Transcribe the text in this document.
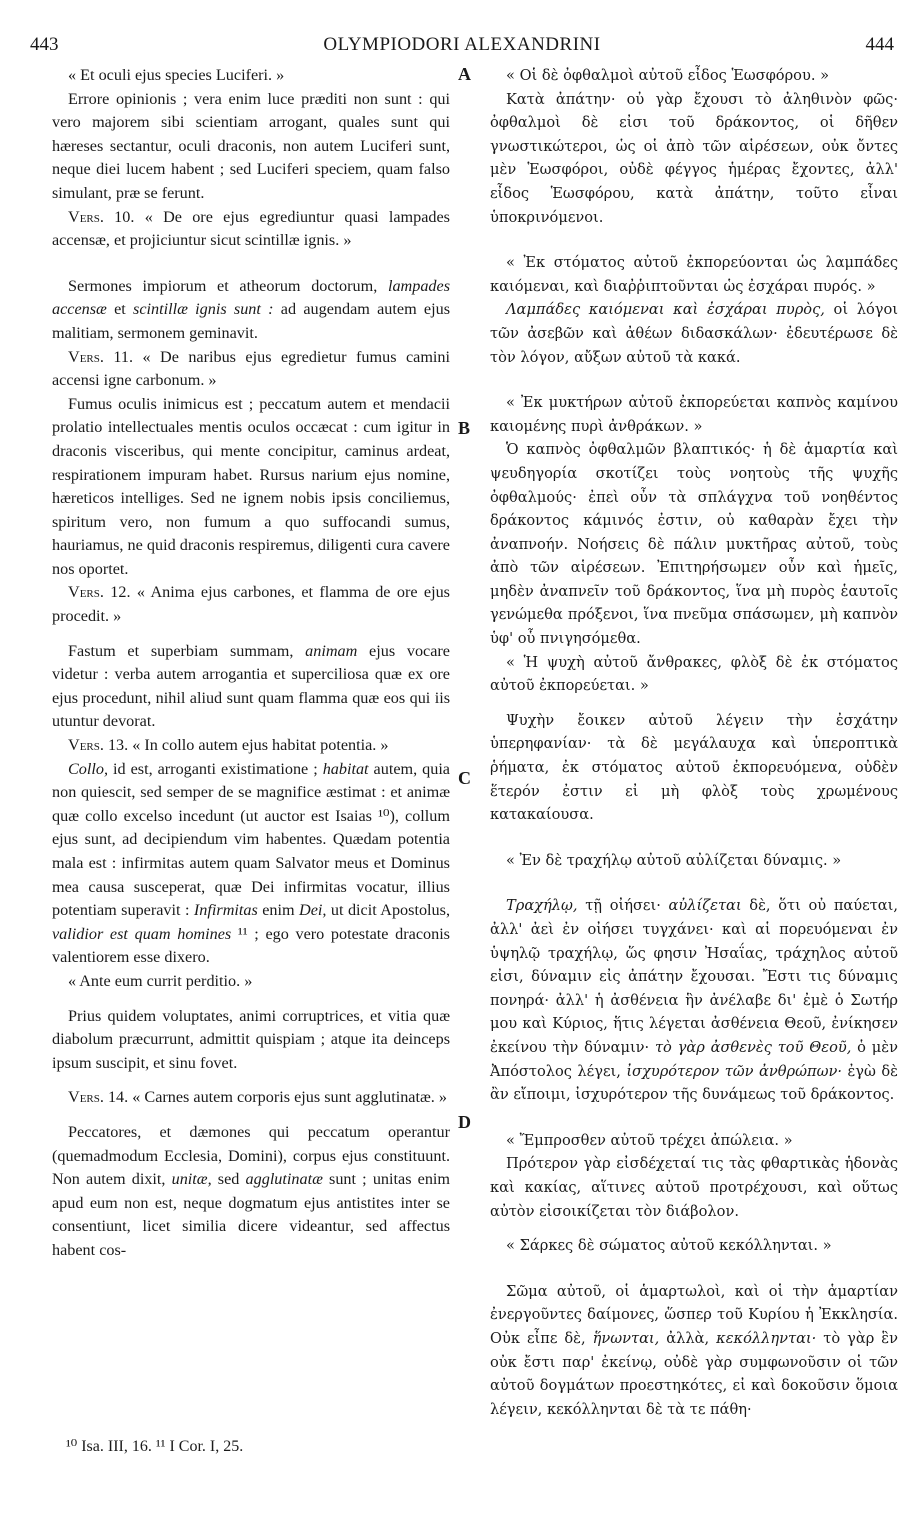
443	OLYMPIODORI ALEXANDRINI	444

« Et oculi ejus species Luciferi. »

Errore opinionis ; vera enim luce præditi non sunt : qui vero majorem sibi scientiam arrogant, quales sunt qui hæreses sectantur, oculi draconis, non autem Luciferi sunt, neque diei lucem habent ; sed Luciferi speciem, quam falso simulant, præ se ferunt.

Vers. 10. « De ore ejus egrediuntur quasi lampades accensæ, et projiciuntur sicut scintillæ ignis. »

Sermones impiorum et atheorum doctorum, lampades accensæ et scintillæ ignis sunt : ad augendam autem ejus malitiam, sermonem geminavit.

Vers. 11. « De naribus ejus egredietur fumus camini accensi igne carbonum. »

Fumus oculis inimicus est ; peccatum autem et mendacii prolatio intellectuales mentis oculos occæcat : cum igitur in draconis visceribus, qui mente concipitur, caminus ardeat, respirationem impuram habet. Rursus narium ejus nomine, hæreticos intelliges. Sed ne ignem nobis ipsis conciliemus, spiritum vero, non fumum a quo suffocandi sumus, hauriamus, ne quid draconis respiremus, diligenti cura cavere nos oportet.

Vers. 12. « Anima ejus carbones, et flamma de ore ejus procedit. »

Fastum et superbiam summam, animam ejus vocare videtur : verba autem arrogantia et superciliosa quæ ex ore ejus procedunt, nihil aliud sunt quam flamma quæ eos qui iis utuntur devorat.

Vers. 13. « In collo autem ejus habitat potentia. »

Collo, id est, arroganti existimatione ; habitat autem, quia non quiescit, sed semper de se magnifice æstimat : et animæ quæ collo excelso incedunt (ut auctor est Isaias ¹⁰), collum ejus sunt, ad decipiendum vim habentes. Quædam potentia mala est : infirmitas autem quam Salvator meus et Dominus mea causa susceperat, quæ Dei infirmitas vocatur, illius potentiam superavit : Infirmitas enim Dei, ut dicit Apostolus, validior est quam homines ¹¹ ; ego vero potestate draconis valentiorem esse dixero.

« Ante eum currit perditio. »

Prius quidem voluptates, animi corruptrices, et vitia quæ diabolum præcurrunt, admittit quispiam ; atque ita deinceps ipsum suscipit, et sinu fovet.

Vers. 14. « Carnes autem corporis ejus sunt agglutinatæ. »

Peccatores, et dæmones qui peccatum operantur (quemadmodum Ecclesia, Domini), corpus ejus constituunt. Non autem dixit, unitæ, sed agglutinatæ sunt ; unitas enim apud eum non est, neque dogmatum ejus antistites inter se consentiunt, licet similia dicere videantur, sed affectus habent cos-

A
B
C
D

« Οἱ δὲ ὀφθαλμοὶ αὐτοῦ εἶδος Ἑωσφόρου. »

Κατὰ ἀπάτην· οὐ γὰρ ἔχουσι τὸ ἀληθινὸν φῶς· ὀφθαλμοὶ δὲ εἰσι τοῦ δράκοντος, οἱ δῆθεν γνωστικώτεροι, ὡς οἱ ἀπὸ τῶν αἱρέσεων, οὐκ ὄντες μὲν Ἑωσφόροι, οὐδὲ φέγγος ἡμέρας ἔχοντες, ἀλλ' εἶδος Ἑωσφόρου, κατὰ ἀπάτην, τοῦτο εἶναι ὑποκρινόμενοι.

« Ἐκ στόματος αὐτοῦ ἐκπορεύονται ὡς λαμπάδες καιόμεναι, καὶ διαῤῥιπτοῦνται ὡς ἐσχάραι πυρός. »

Λαμπάδες καιόμεναι καὶ ἐσχάραι πυρὸς, οἱ λόγοι τῶν ἀσεβῶν καὶ ἀθέων διδασκάλων· ἐδευτέρωσε δὲ τὸν λόγον, αὔξων αὐτοῦ τὰ κακά.

« Ἐκ μυκτήρων αὐτοῦ ἐκπορεύεται καπνὸς καμίνου καιομένης πυρὶ ἀνθράκων. »

Ὁ καπνὸς ὀφθαλμῶν βλαπτικός· ἡ δὲ ἁμαρτία καὶ ψευδηγορία σκοτίζει τοὺς νοητοὺς τῆς ψυχῆς ὀφθαλμούς· ἐπεὶ οὖν τὰ σπλάγχνα τοῦ νοηθέντος δράκοντος κάμινός ἐστιν, οὐ καθαρὰν ἔχει τὴν ἀναπνοήν. Νοήσεις δὲ πάλιν μυκτῆρας αὐτοῦ, τοὺς ἀπὸ τῶν αἱρέσεων. Ἐπιτηρήσωμεν οὖν καὶ ἡμεῖς, μηδὲν ἀναπνεῖν τοῦ δράκοντος, ἵνα μὴ πυρὸς ἑαυτοῖς γενώμεθα πρόξενοι, ἵνα πνεῦμα σπάσωμεν, μὴ καπνὸν ὑφ' οὗ πνιγησόμεθα.

« Ἡ ψυχὴ αὐτοῦ ἄνθρακες, φλὸξ δὲ ἐκ στόματος αὐτοῦ ἐκπορεύεται. »

Ψυχὴν ἔοικεν αὐτοῦ λέγειν τὴν ἐσχάτην ὑπερηφανίαν· τὰ δὲ μεγάλαυχα καὶ ὑπεροπτικὰ ῥήματα, ἐκ στόματος αὐτοῦ ἐκπορευόμενα, οὐδὲν ἕτερόν ἐστιν εἰ μὴ φλὸξ τοὺς χρωμένους κατακαίουσα.

« Ἐν δὲ τραχήλῳ αὐτοῦ αὐλίζεται δύναμις. »

Τραχήλῳ, τῇ οἰήσει· αὐλίζεται δὲ, ὅτι οὐ παύεται, ἀλλ' ἀεὶ ἐν οἰήσει τυγχάνει· καὶ αἱ πορευόμεναι ἐν ὑψηλῷ τραχήλῳ, ὥς φησιν Ἠσαΐας, τράχηλος αὐτοῦ εἰσι, δύναμιν εἰς ἀπάτην ἔχουσαι. Ἔστι τις δύναμις πονηρά· ἀλλ' ἡ ἀσθένεια ἣν ἀνέλαβε δι' ἐμὲ ὁ Σωτήρ μου καὶ Κύριος, ἥτις λέγεται ἀσθένεια Θεοῦ, ἐνίκησεν ἐκείνου τὴν δύναμιν· τὸ γὰρ ἀσθενὲς τοῦ Θεοῦ, ὁ μὲν Ἀπόστολος λέγει, ἰσχυρότερον τῶν ἀνθρώπων· ἐγὼ δὲ ἂν εἴποιμι, ἰσχυρότερον τῆς δυνάμεως τοῦ δράκοντος.

« Ἔμπροσθεν αὐτοῦ τρέχει ἀπώλεια. »

Πρότερον γὰρ εἰσδέχεταί τις τὰς φθαρτικὰς ἡδονὰς καὶ κακίας, αἵτινες αὐτοῦ προτρέχουσι, καὶ οὕτως αὐτὸν εἰσοικίζεται τὸν διάβολον.

« Σάρκες δὲ σώματος αὐτοῦ κεκόλληνται. »

Σῶμα αὐτοῦ, οἱ ἁμαρτωλοὶ, καὶ οἱ τὴν ἁμαρτίαν ἐνεργοῦντες δαίμονες, ὥσπερ τοῦ Κυρίου ἡ Ἐκκλησία. Οὐκ εἶπε δὲ, ἥνωνται, ἀλλὰ, κεκόλληνται· τὸ γὰρ ἓν οὐκ ἔστι παρ' ἐκείνῳ, οὐδὲ γὰρ συμφωνοῦσιν οἱ τῶν αὐτοῦ δογμάτων προεστηκότες, εἰ καὶ δοκοῦσιν ὅμοια λέγειν, κεκόλληνται δὲ τὰ τε πάθη·

¹⁰ Isa. III, 16. ¹¹ I Cor. I, 25.
